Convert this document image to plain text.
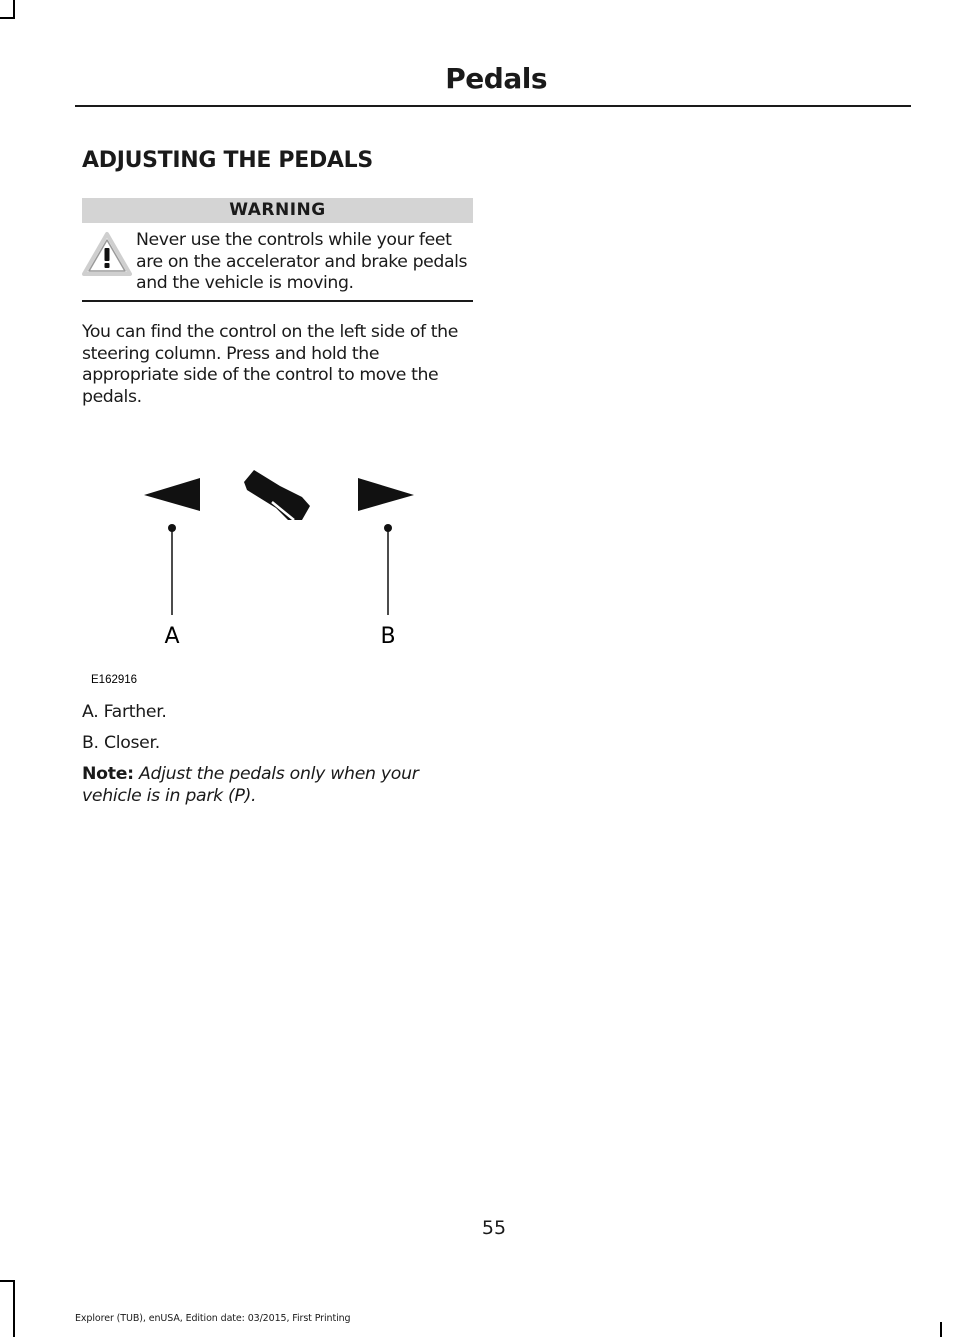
Pedals
ADJUSTING THE PEDALS
WARNING
Never use the controls while your feet are on the accelerator and brake pedals and the vehicle is moving.
You can find the control on the left side of the steering column. Press and hold the appropriate side of the control to move the pedals.
A	B
E162916
A. Farther.
B. Closer.
Note: Adjust the pedals only when your vehicle is in park (P).
55
Explorer (TUB), enUSA, Edition date: 03/2015, First Printing
